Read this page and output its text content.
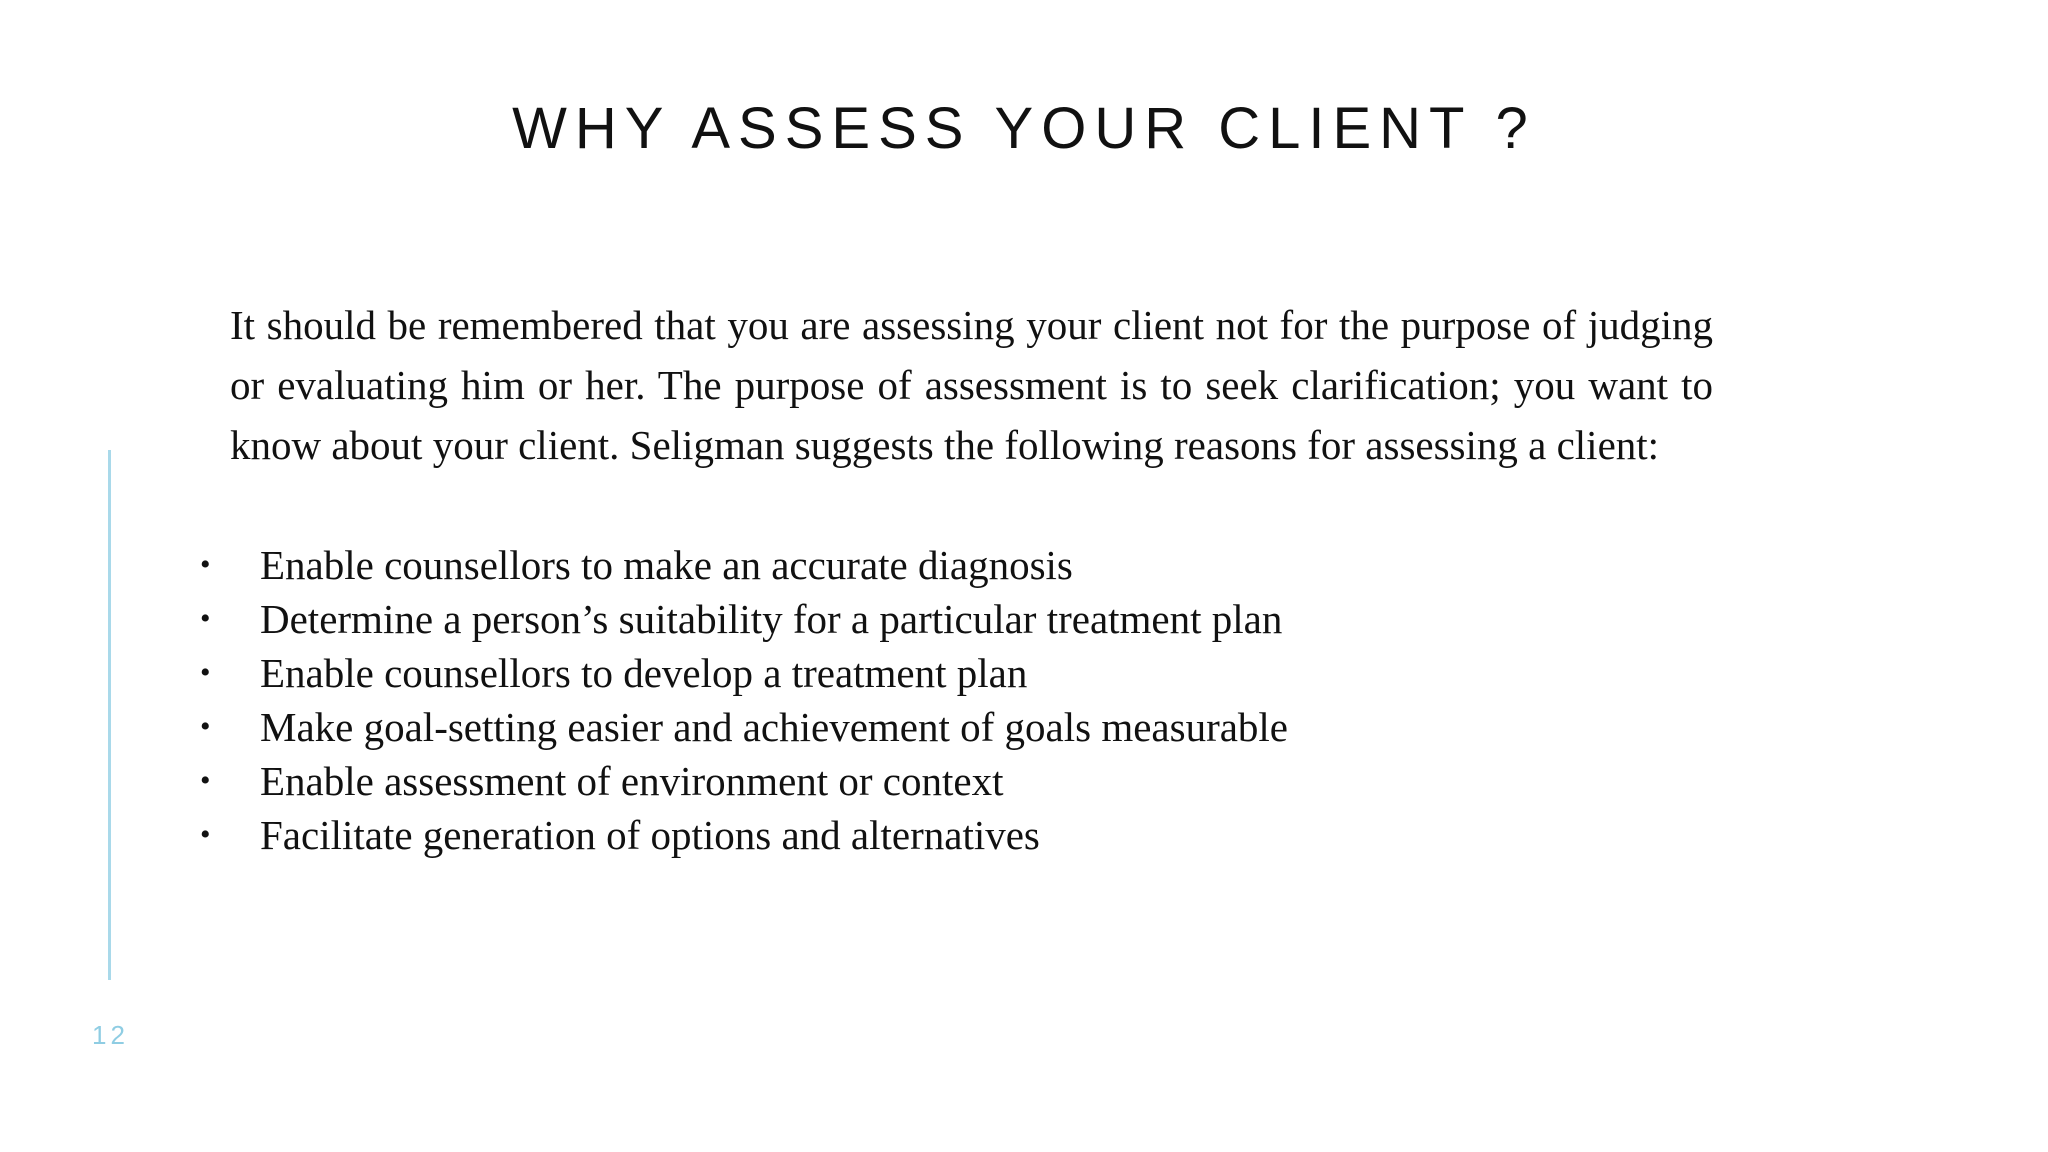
WHY ASSESS YOUR CLIENT ?

It should be remembered that you are assessing your client not for the purpose of judging or evaluating him or her. The purpose of assessment is to seek clarification; you want to know about your client. Seligman suggests the following reasons for assessing a client:

• Enable counsellors to make an accurate diagnosis
• Determine a person’s suitability for a particular treatment plan
• Enable counsellors to develop a treatment plan
• Make goal-setting easier and achievement of goals measurable
• Enable assessment of environment or context
• Facilitate generation of options and alternatives
12
